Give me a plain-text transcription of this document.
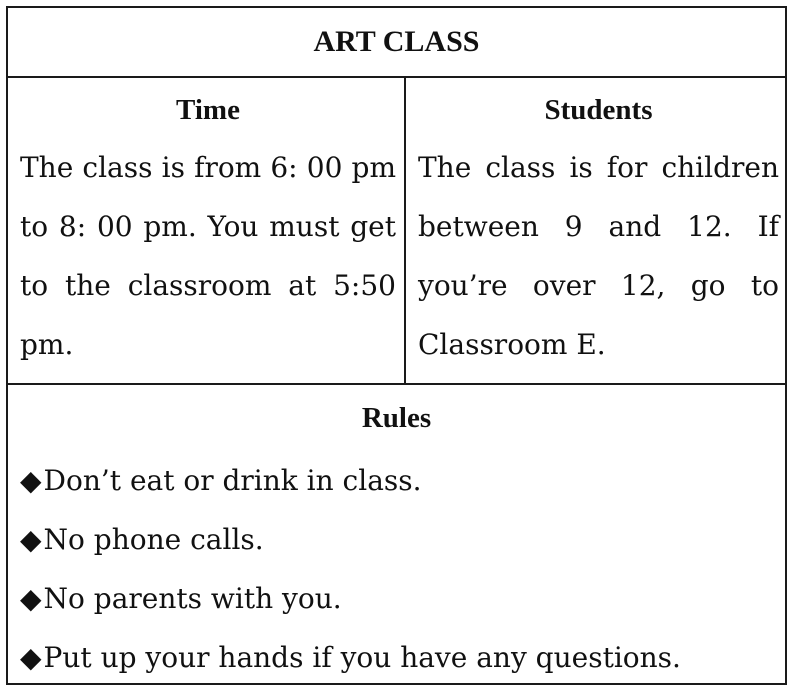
ART CLASS
Time
The class is from 6: 00 pm to 8: 00 pm. You must get to the classroom at 5:50 pm.
Students
The class is for children between 9 and 12. If you’re over 12, go to Classroom E.
Rules
◆ Don’t eat or drink in class.
◆ No phone calls.
◆ No parents with you.
◆ Put up your hands if you have any questions.
